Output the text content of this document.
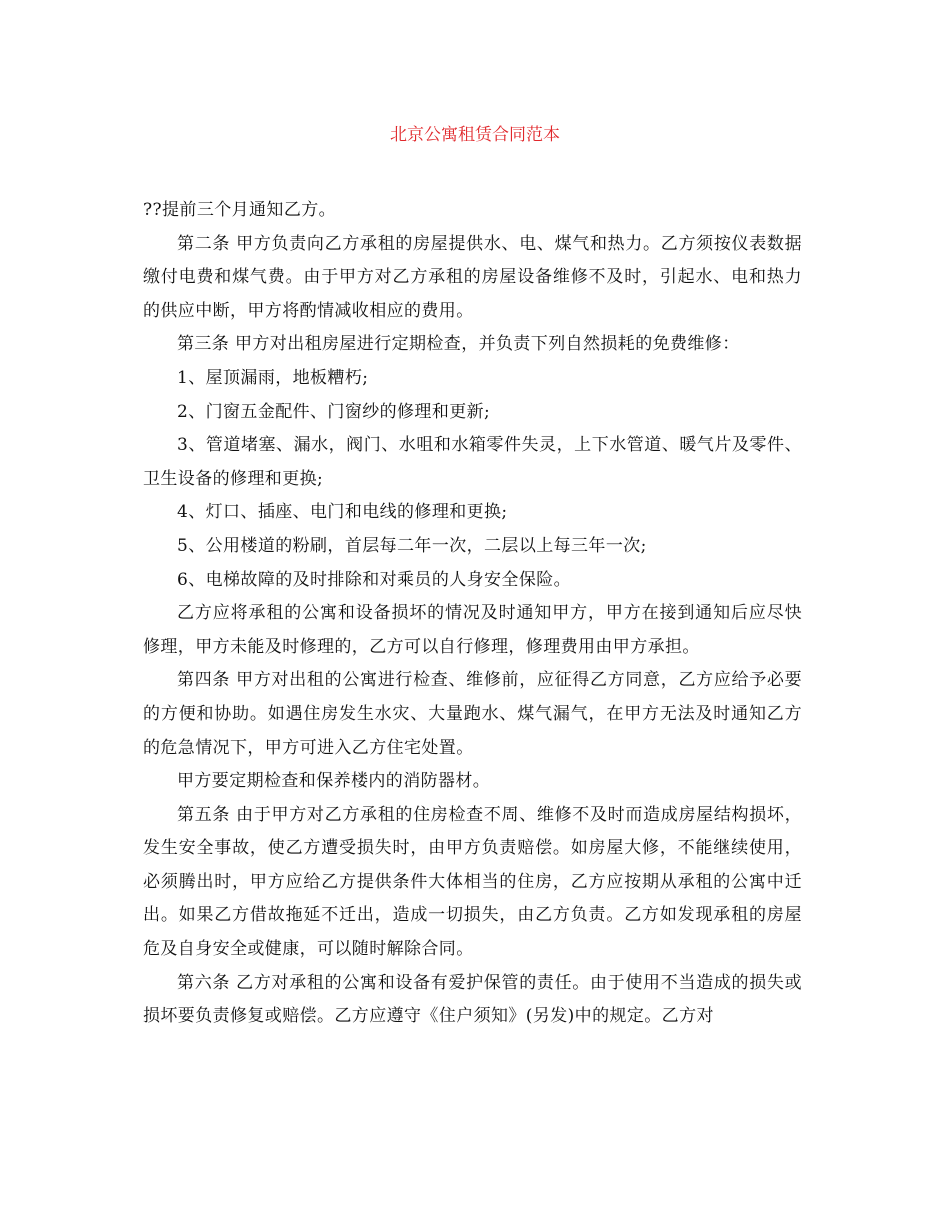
北京公寓租赁合同范本

??提前三个月通知乙方。

第二条 甲方负责向乙方承租的房屋提供水、电、煤气和热力。乙方须按仪表数据缴付电费和煤气费。由于甲方对乙方承租的房屋设备维修不及时，引起水、电和热力的供应中断，甲方将酌情减收相应的费用。

第三条 甲方对出租房屋进行定期检查，并负责下列自然损耗的免费维修：

1、屋顶漏雨，地板糟朽;

2、门窗五金配件、门窗纱的修理和更新;

3、管道堵塞、漏水，阀门、水咀和水箱零件失灵，上下水管道、暖气片及零件、卫生设备的修理和更换;

4、灯口、插座、电门和电线的修理和更换;

5、公用楼道的粉刷，首层每二年一次，二层以上每三年一次;

6、电梯故障的及时排除和对乘员的人身安全保险。

乙方应将承租的公寓和设备损坏的情况及时通知甲方，甲方在接到通知后应尽快修理，甲方未能及时修理的，乙方可以自行修理，修理费用由甲方承担。

第四条 甲方对出租的公寓进行检查、维修前，应征得乙方同意，乙方应给予必要的方便和协助。如遇住房发生水灾、大量跑水、煤气漏气，在甲方无法及时通知乙方的危急情况下，甲方可进入乙方住宅处置。

甲方要定期检查和保养楼内的消防器材。

第五条 由于甲方对乙方承租的住房检查不周、维修不及时而造成房屋结构损坏，发生安全事故，使乙方遭受损失时，由甲方负责赔偿。如房屋大修，不能继续使用，必须腾出时，甲方应给乙方提供条件大体相当的住房，乙方应按期从承租的公寓中迁出。如果乙方借故拖延不迁出，造成一切损失，由乙方负责。乙方如发现承租的房屋危及自身安全或健康，可以随时解除合同。

第六条 乙方对承租的公寓和设备有爱护保管的责任。由于使用不当造成的损失或损坏要负责修复或赔偿。乙方应遵守《住户须知》(另发)中的规定。乙方对
